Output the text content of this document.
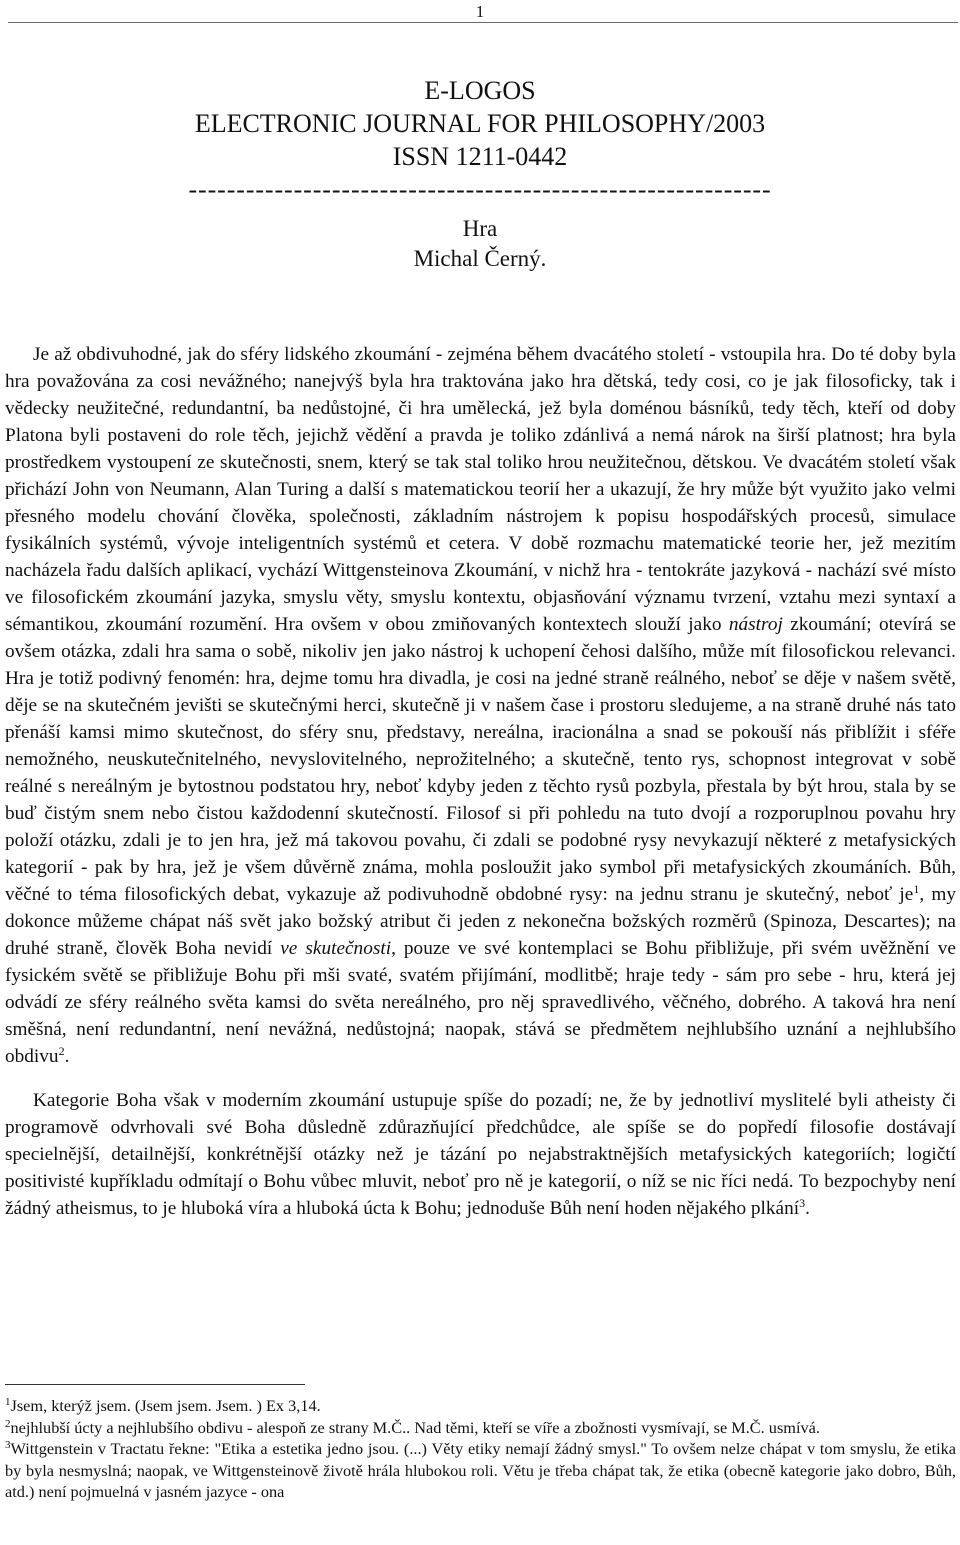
1
E-LOGOS
ELECTRONIC JOURNAL FOR PHILOSOPHY/2003
ISSN 1211-0442
-------------------------------------------------------------
Hra
Michal Černý.

Je až obdivuhodné, jak do sféry lidského zkoumání - zejména během dvacátého století - vstoupila hra. Do té doby byla hra považována za cosi nevážného; nanejvýš byla hra traktována jako hra dětská, tedy cosi, co je jak filosoficky, tak i vědecky neužitečné, redundantní, ba nedůstojné, či hra umělecká, jež byla doménou básníků, tedy těch, kteří od doby Platona byli postaveni do role těch, jejichž vědění a pravda je toliko zdánlivá a nemá nárok na širší platnost; hra byla prostředkem vystoupení ze skutečnosti, snem, který se tak stal toliko hrou neužitečnou, dětskou. Ve dvacátém století však přichází John von Neumann, Alan Turing a další s matematickou teorií her a ukazují, že hry může být využito jako velmi přesného modelu chování člověka, společnosti, základním nástrojem k popisu hospodářských procesů, simulace fysikálních systémů, vývoje inteligentních systémů et cetera. V době rozmachu matematické teorie her, jež mezitím nacházela řadu dalších aplikací, vychází Wittgensteinova Zkoumání, v nichž hra - tentokráte jazyková - nachází své místo ve filosofickém zkoumání jazyka, smyslu věty, smyslu kontextu, objasňování významu tvrzení, vztahu mezi syntaxí a sémantikou, zkoumání rozumění. Hra ovšem v obou zmiňovaných kontextech slouží jako nástroj zkoumání; otevírá se ovšem otázka, zdali hra sama o sobě, nikoliv jen jako nástroj k uchopení čehosi dalšího, může mít filosofickou relevanci. Hra je totiž podivný fenomén: hra, dejme tomu hra divadla, je cosi na jedné straně reálného, neboť se děje v našem světě, děje se na skutečném jevišti se skutečnými herci, skutečně ji v našem čase i prostoru sledujeme, a na straně druhé nás tato přenáší kamsi mimo skutečnost, do sféry snu, představy, nereálna, iracionálna a snad se pokouší nás přiblížit i sféře nemožného, neuskutečnitelného, nevyslovitelného, neprožitelného; a skutečně, tento rys, schopnost integrovat v sobě reálné s nereálným je bytostnou podstatou hry, neboť kdyby jeden z těchto rysů pozbyla, přestala by být hrou, stala by se buď čistým snem nebo čistou každodenní skutečností. Filosof si při pohledu na tuto dvojí a rozporuplnou povahu hry položí otázku, zdali je to jen hra, jež má takovou povahu, či zdali se podobné rysy nevykazují některé z metafysických kategorií - pak by hra, jež je všem důvěrně známa, mohla posloužit jako symbol při metafysických zkoumáních. Bůh, věčné to téma filosofických debat, vykazuje až podivuhodně obdobné rysy: na jednu stranu je skutečný, neboť $je^1$, my dokonce můžeme chápat náš svět jako božský atribut či jeden z nekonečna božských rozměrů (Spinoza, Descartes); na druhé straně, člověk Boha nevidí ve skutečnosti, pouze ve své kontemplaci se Bohu přibližuje, při svém uvěžnění ve fysickém světě se přibližuje Bohu při mši svaté, svatém přijímání, modlitbě; hraje tedy - sám pro sebe - hru, která jej odvádí ze sféry reálného světa kamsi do světa nereálného, pro něj spravedlivého, věčného, dobrého. A taková hra není směšná, není redundantní, není nevážná, nedůstojná; naopak, stává se předmětem nejhlubšího uznání a nejhlubšího obdivu$^2$.

Kategorie Boha však v moderním zkoumání ustupuje spíše do pozadí; ne, že by jednotliví myslitelé byli atheisty či programově odvrhovali své Boha důsledně zdůrazňující předchůdce, ale spíše se do popředí filosofie dostávají specielnější, detailnější, konkrétnější otázky než je tázání po nejabstraktnějších metafysických kategoriích; logičtí positivisté kupříkladu odmítají o Bohu vůbec mluvit, neboť pro ně je kategorií, o níž se nic říci nedá. To bezpochyby není žádný atheismus, to je hluboká víra a hluboká úcta k Bohu; jednoduše Bůh není hoden nějakého plkání$^3$.

$^1$Jsem, kterýž jsem. (Jsem jsem. Jsem. ) Ex 3,14.

$^2$nejhlubší úcty a nejhlubšího obdivu - alespoň ze strany M.Č.. Nad těmi, kteří se víře a zbožnosti vysmívají, se M.Č. usmívá.

$^3$Wittgenstein v Tractatu řekne: "Etika a estetika jedno jsou. (...) Věty etiky nemají žádný smysl." To ovšem nelze chápat v tom smyslu, že etika by byla nesmyslná; naopak, ve Wittgensteinově životě hrála hlubokou roli. Větu je třeba chápat tak, že etika (obecně kategorie jako dobro, Bůh, atd.) není pojmuelná v jasném jazyce - ona
